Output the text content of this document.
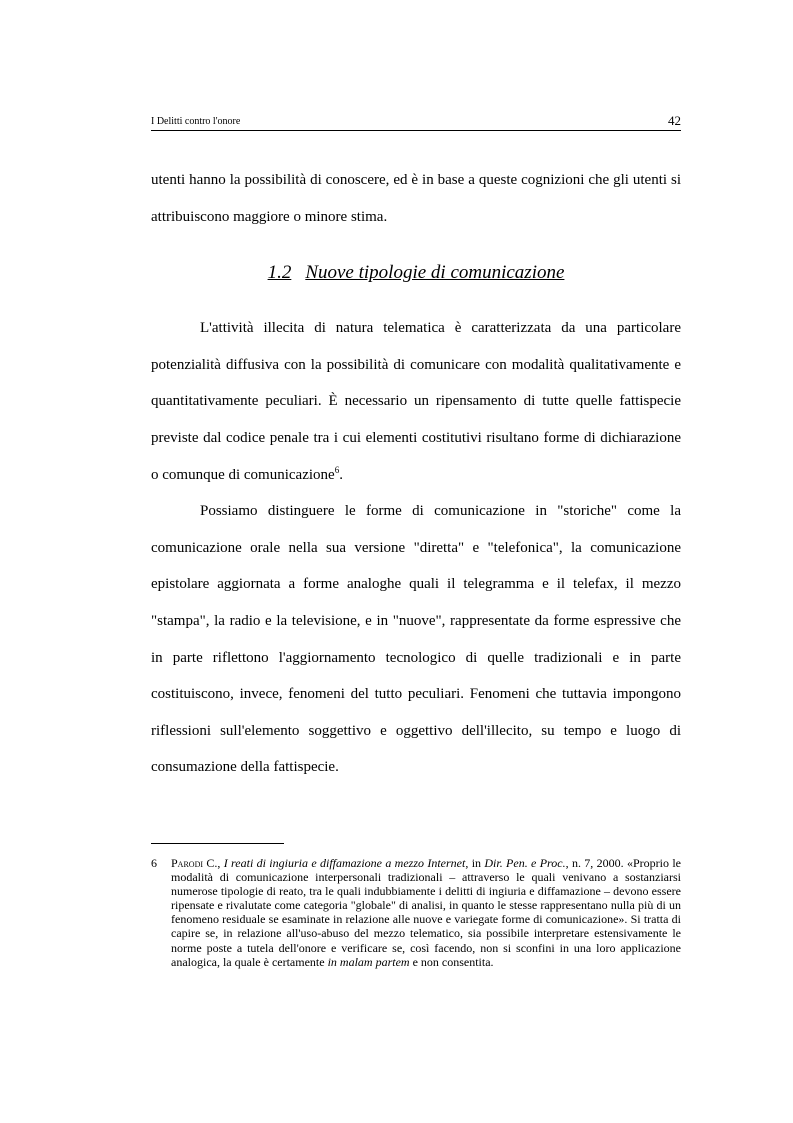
I Delitti contro l'onore	42

utenti hanno la possibilità di conoscere, ed è in base a queste cognizioni che gli utenti si attribuiscono maggiore o minore stima.

1.2 Nuove tipologie di comunicazione

L'attività illecita di natura telematica è caratterizzata da una particolare potenzialità diffusiva con la possibilità di comunicare con modalità qualitativamente e quantitativamente peculiari. È necessario un ripensamento di tutte quelle fattispecie previste dal codice penale tra i cui elementi costitutivi risultano forme di dichiarazione o comunque di comunicazione$^6$.

Possiamo distinguere le forme di comunicazione in "storiche" come la comunicazione orale nella sua versione "diretta" e "telefonica", la comunicazione epistolare aggiornata a forme analoghe quali il telegramma e il telefax, il mezzo "stampa", la radio e la televisione, e in "nuove", rappresentate da forme espressive che in parte riflettono l'aggiornamento tecnologico di quelle tradizionali e in parte costituiscono, invece, fenomeni del tutto peculiari. Fenomeni che tuttavia impongono riflessioni sull'elemento soggettivo e oggettivo dell'illecito, su tempo e luogo di consumazione della fattispecie.

6 Parodi C., I reati di ingiuria e diffamazione a mezzo Internet, in Dir. Pen. e Proc., n. 7, 2000. «Proprio le modalità di comunicazione interpersonali tradizionali – attraverso le quali venivano a sostanziarsi numerose tipologie di reato, tra le quali indubbiamente i delitti di ingiuria e diffamazione – devono essere ripensate e rivalutate come categoria "globale" di analisi, in quanto le stesse rappresentano nulla più di un fenomeno residuale se esaminate in relazione alle nuove e variegate forme di comunicazione». Si tratta di capire se, in relazione all'uso-abuso del mezzo telematico, sia possibile interpretare estensivamente le norme poste a tutela dell'onore e verificare se, così facendo, non si sconfini in una loro applicazione analogica, la quale è certamente in malam partem e non consentita.
